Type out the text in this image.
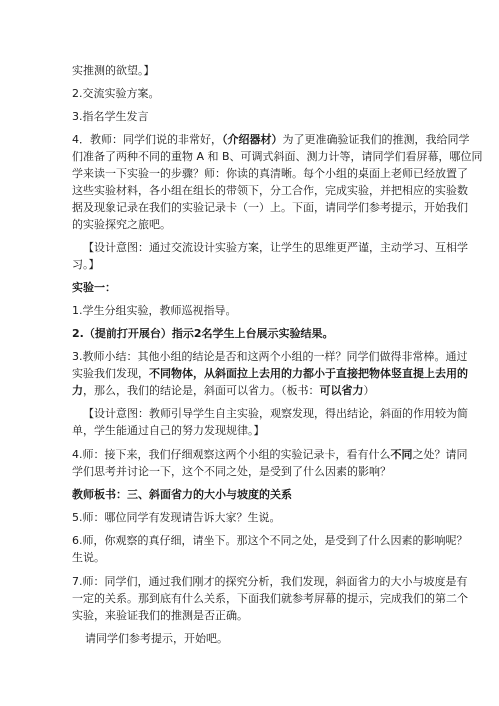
实推测的欲望。】
2.交流实验方案。
3.指名学生发言
4．教师：同学们说的非常好，（介绍器材）为了更准确验证我们的推测，我给同学
们准备了两种不同的重物 A 和 B、可调式斜面、测力计等，请同学们看屏幕，哪位同
学来读一下实验一的步骤？师：你读的真清晰。每个小组的桌面上老师已经放置了
这些实验材料，各小组在组长的带领下，分工合作，完成实验，并把相应的实验数
据及现象记录在我们的实验记录卡（一）上。下面，请同学们参考提示，开始我们
的实验探究之旅吧。
【设计意图：通过交流设计实验方案，让学生的思维更严谨，主动学习、互相学
习。】
实验一：
1.学生分组实验，教师巡视指导。
2.（提前打开展台）指示2名学生上台展示实验结果。
3.教师小结：其他小组的结论是否和这两个小组的一样？同学们做得非常棒。通过
实验我们发现，不同物体，从斜面拉上去用的力都小于直接把物体竖直提上去用的
力，那么，我们的结论是，斜面可以省力。（板书：可以省力）
【设计意图：教师引导学生自主实验，观察发现，得出结论，斜面的作用较为简
单，学生能通过自己的努力发现规律。】
4.师：接下来，我们仔细观察这两个小组的实验记录卡，看有什么不同之处？请同
学们思考并讨论一下，这个不同之处，是受到了什么因素的影响？
教师板书：三、斜面省力的大小与坡度的关系
5.师：哪位同学有发现请告诉大家？生说。
6.师，你观察的真仔细，请坐下。那这个不同之处，是受到了什么因素的影响呢？
生说。
7.师：同学们，通过我们刚才的探究分析，我们发现，斜面省力的大小与坡度是有
一定的关系。那到底有什么关系，下面我们就参考屏幕的提示，完成我们的第二个
实验，来验证我们的推测是否正确。
请同学们参考提示，开始吧。
